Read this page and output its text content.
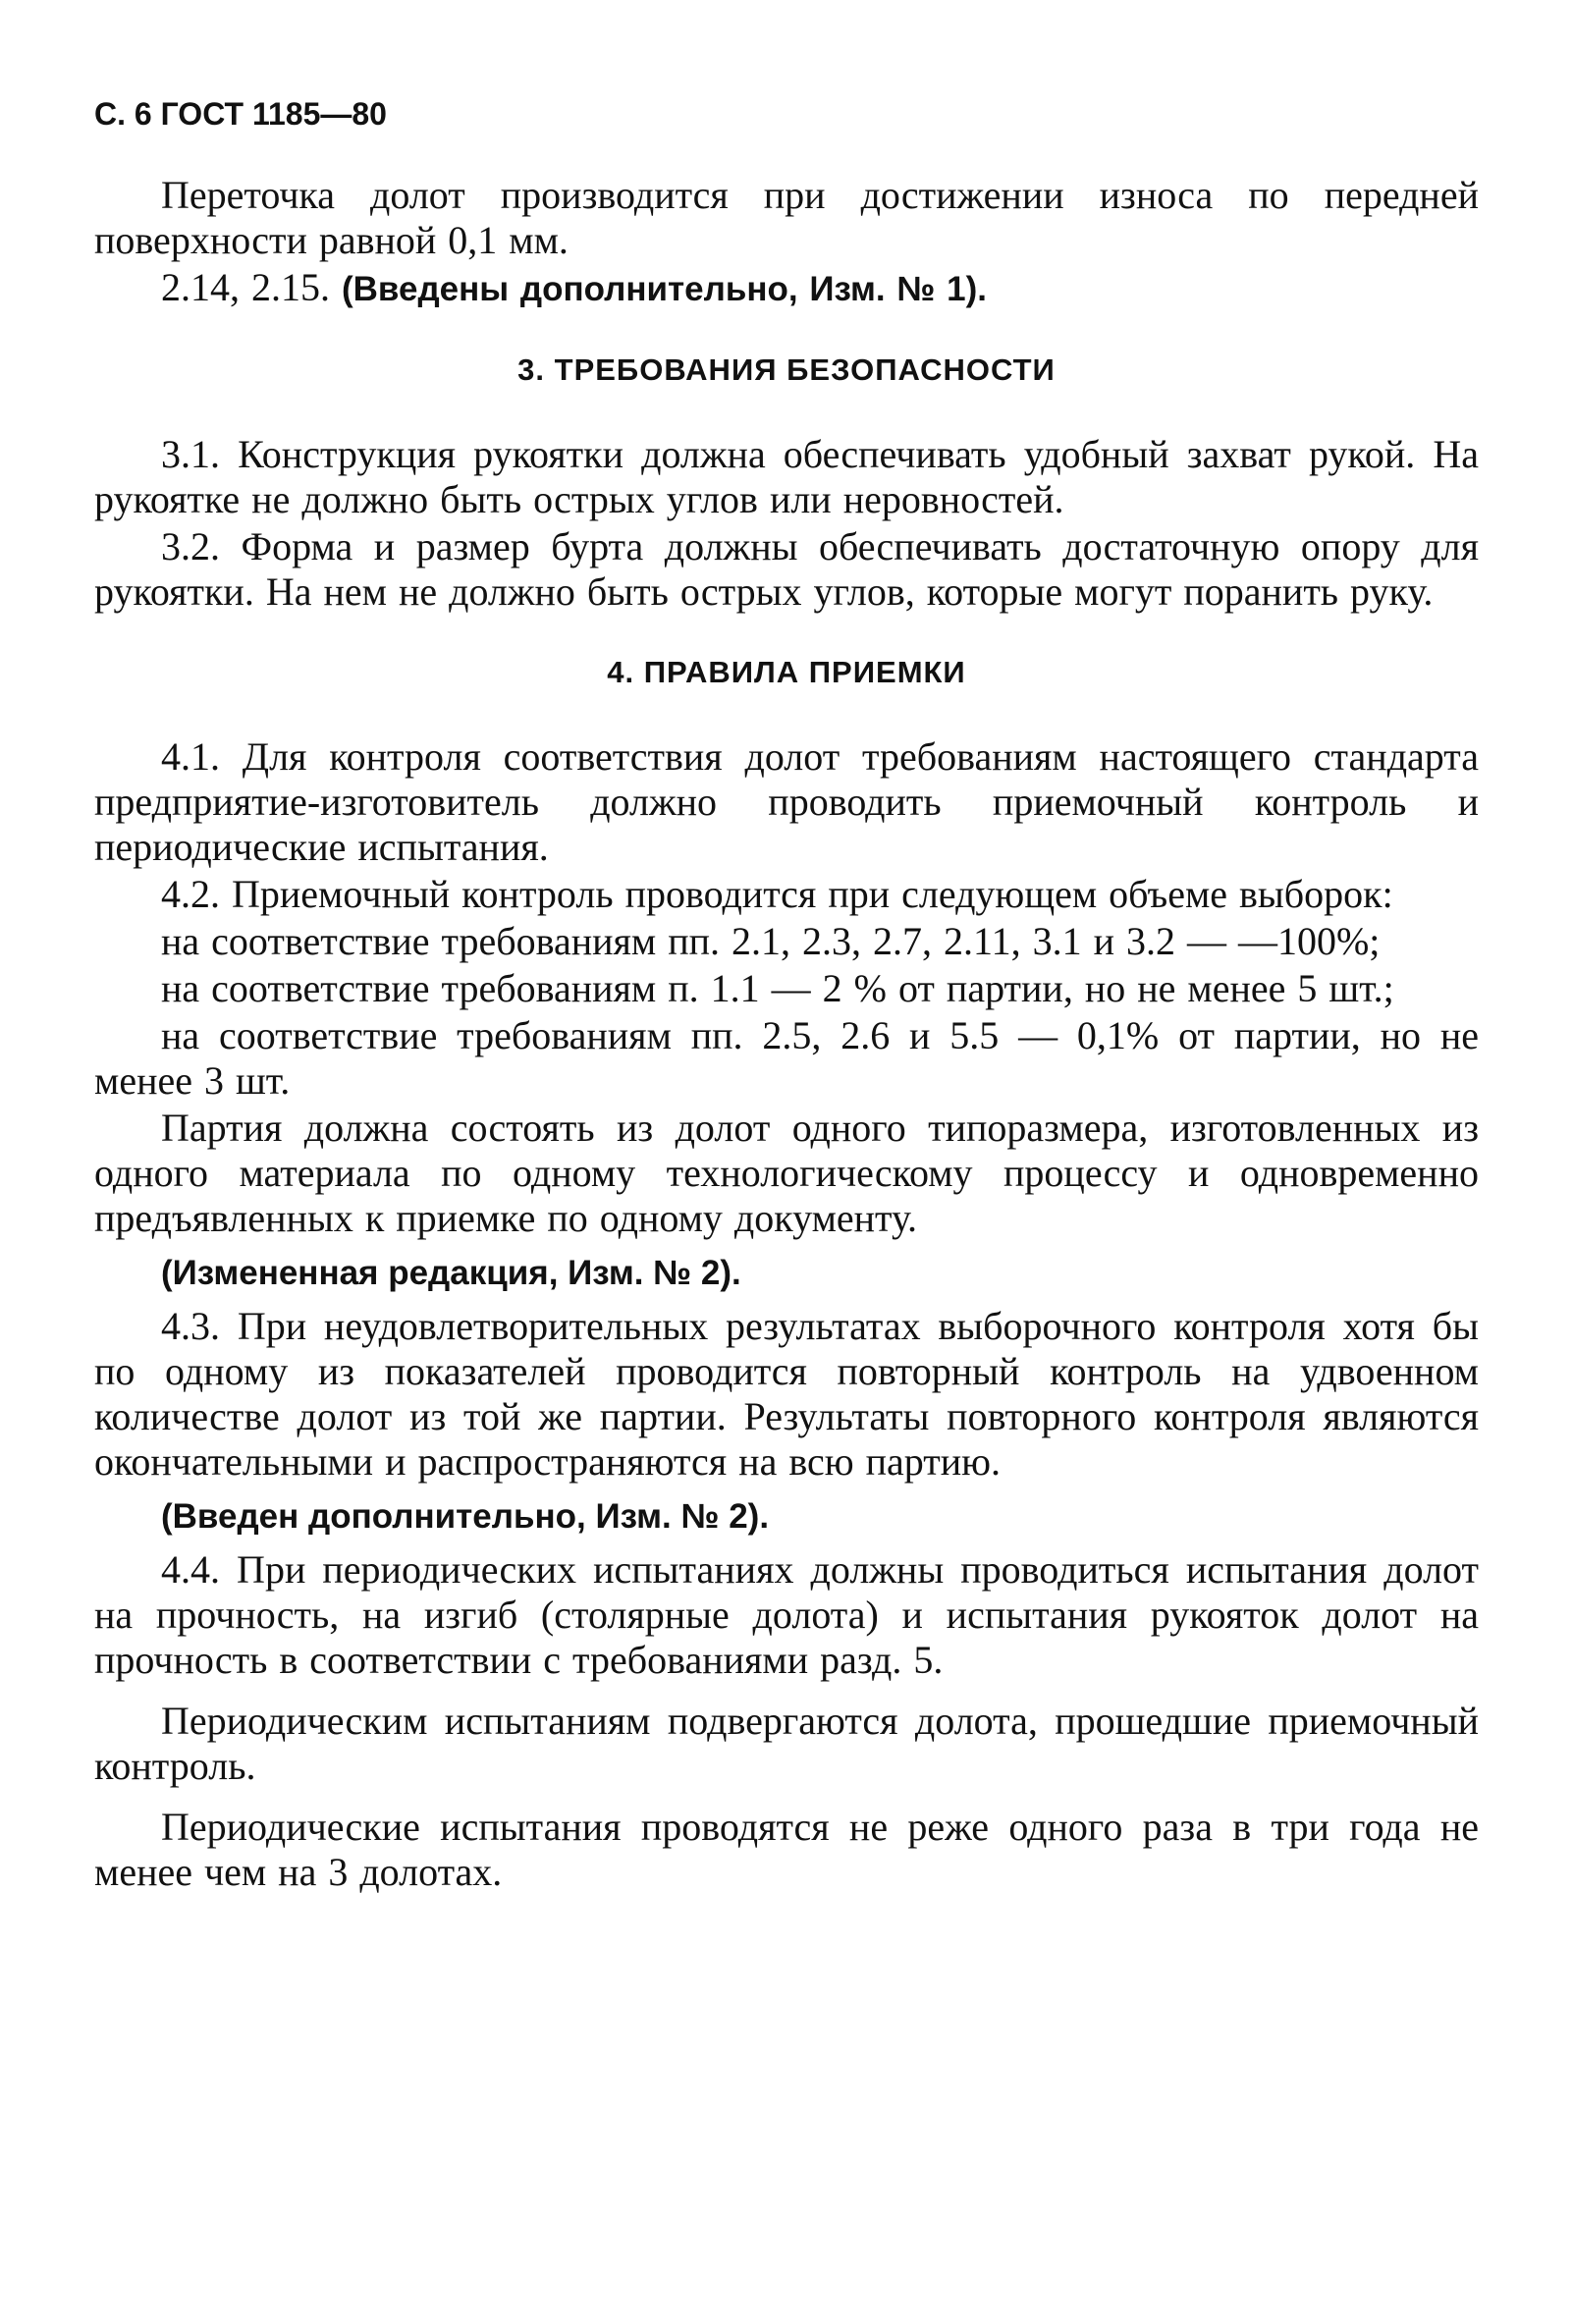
С. 6 ГОСТ 1185—80

Переточка долот производится при достижении износа по передней поверхности равной 0,1 мм.

2.14, 2.15. (Введены дополнительно, Изм. № 1).

3. ТРЕБОВАНИЯ БЕЗОПАСНОСТИ

3.1. Конструкция рукоятки должна обеспечивать удобный захват рукой. На рукоятке не должно быть острых углов или неровностей.

3.2. Форма и размер бурта должны обеспечивать достаточную опору для рукоятки. На нем не должно быть острых углов, которые могут поранить руку.

4. ПРАВИЛА ПРИЕМКИ

4.1. Для контроля соответствия долот требованиям настоящего стандарта предприятие-изготовитель должно проводить приемочный контроль и периодические испытания.

4.2. Приемочный контроль проводится при следующем объеме выборок:

на соответствие требованиям пп. 2.1, 2.3, 2.7, 2.11, 3.1 и 3.2 — —100%;

на соответствие требованиям п. 1.1 — 2 % от партии, но не менее 5 шт.;

на соответствие требованиям пп. 2.5, 2.6 и 5.5 — 0,1% от партии, но не менее 3 шт.

Партия должна состоять из долот одного типоразмера, изготовленных из одного материала по одному технологическому процессу и одновременно предъявленных к приемке по одному документу.

(Измененная редакция, Изм. № 2).

4.3. При неудовлетворительных результатах выборочного контроля хотя бы по одному из показателей проводится повторный контроль на удвоенном количестве долот из той же партии. Результаты повторного контроля являются окончательными и распространяются на всю партию.

(Введен дополнительно, Изм. № 2).

4.4. При периодических испытаниях должны проводиться испытания долот на прочность, на изгиб (столярные долота) и испытания рукояток долот на прочность в соответствии с требованиями разд. 5.

Периодическим испытаниям подвергаются долота, прошедшие приемочный контроль.

Периодические испытания проводятся не реже одного раза в три года не менее чем на 3 долотах.
